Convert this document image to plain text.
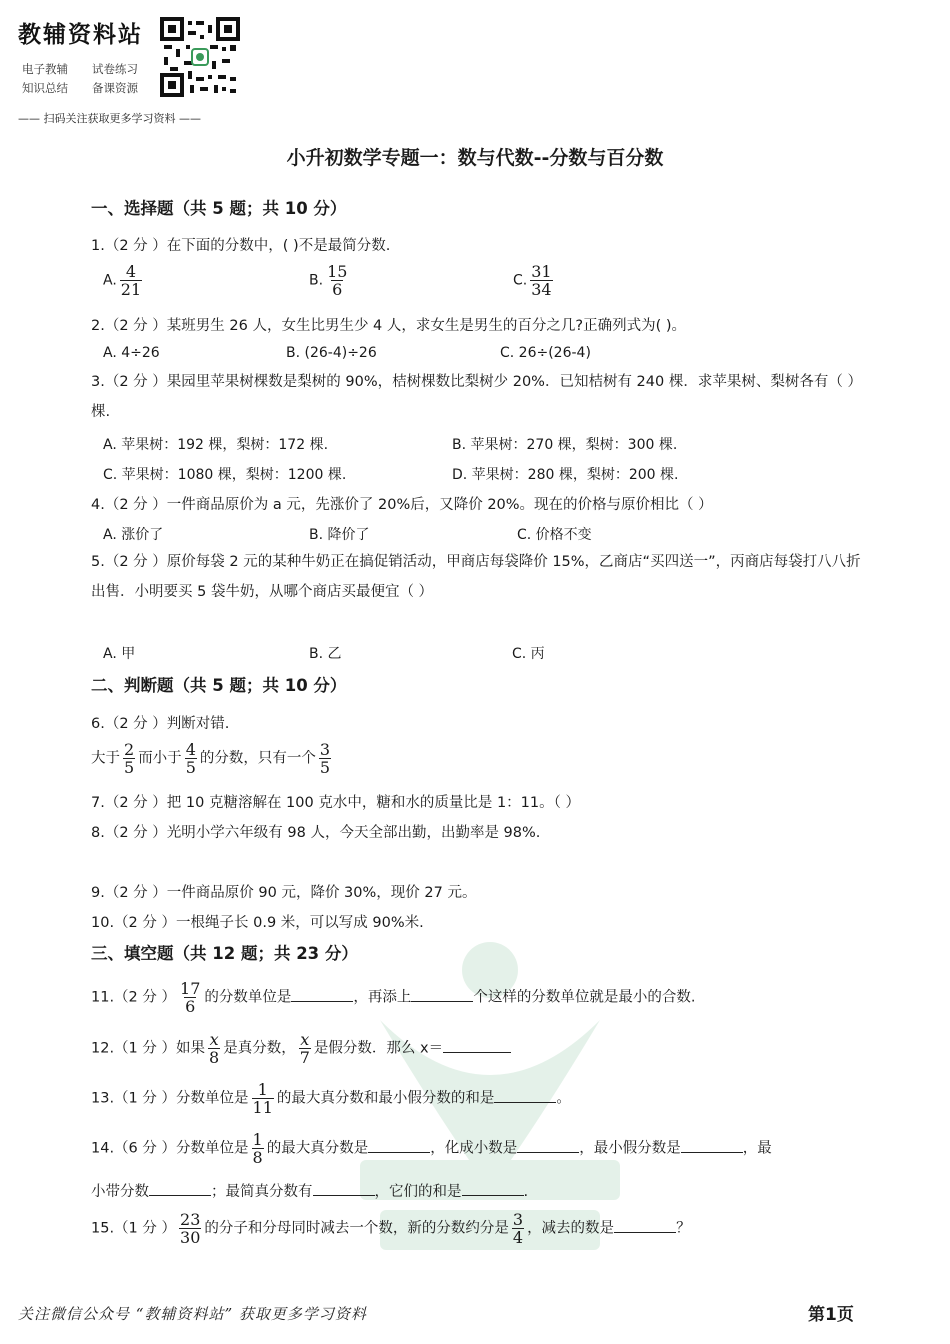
教辅资料站
电子教辅 试卷练习
知识总结 备课资源
—— 扫码关注获取更多学习资料 ——
小升初数学专题一：数与代数--分数与百分数
一、选择题（共 5 题；共 10 分）
1.（2 分 ）在下面的分数中，( )不是最简分数.
A. $\frac{4}{21}$	B. $\frac{15}{6}$	C. $\frac{31}{34}$
2.（2 分 ）某班男生 26 人，女生比男生少 4 人，求女生是男生的百分之几?正确列式为( )。
A. 4÷26	B. (26-4)÷26	C. 26÷(26-4)
3.（2 分 ）果园里苹果树棵数是梨树的 90%，桔树棵数比梨树少 20%．已知桔树有 240 棵．求苹果树、梨树各有（ ）棵.
A. 苹果树：192 棵，梨树：172 棵.	B. 苹果树：270 棵，梨树：300 棵.
C. 苹果树：1080 棵，梨树：1200 棵.	D. 苹果树：280 棵，梨树：200 棵.
4.（2 分 ）一件商品原价为 a 元，先涨价了 20%后，又降价 20%。现在的价格与原价相比（ ）
A. 涨价了	B. 降价了	C. 价格不变
5.（2 分 ）原价每袋 2 元的某种牛奶正在搞促销活动，甲商店每袋降价 15%，乙商店“买四送一”，丙商店每袋打八八折出售．小明要买 5 袋牛奶，从哪个商店买最便宜（ ）
A. 甲	B. 乙	C. 丙
二、判断题（共 5 题；共 10 分）
6.（2 分 ）判断对错.
大于 $\frac{2}{5}$ 而小于 $\frac{4}{5}$ 的分数，只有一个 $\frac{3}{5}$
7.（2 分 ）把 10 克糖溶解在 100 克水中，糖和水的质量比是 1：11。（ ）
8.（2 分 ）光明小学六年级有 98 人，今天全部出勤，出勤率是 98%.
9.（2 分 ）一件商品原价 90 元，降价 30%，现价 27 元。
10.（2 分 ）一根绳子长 0.9 米，可以写成 90%米.
三、填空题（共 12 题；共 23 分）
11.（2 分 ） $\frac{17}{6}$ 的分数单位是	，再添上	个这样的分数单位就是最小的合数.
12.（1 分 ）如果 $\frac{x}{8}$ 是真分数， $\frac{x}{7}$ 是假分数．那么 x＝
13.（1 分 ）分数单位是 $\frac{1}{11}$ 的最大真分数和最小假分数的和是	。
14.（6 分 ）分数单位是 $\frac{1}{8}$ 的最大真分数是	，化成小数是	，最小假分数是	，最
小带分数	；最简真分数有	，它们的和是	.
15.（1 分 ） $\frac{23}{30}$ 的分子和分母同时减去一个数，新的分数约分是 $\frac{3}{4}$ ，减去的数是	？
关注微信公众号 “教辅资料站” 获取更多学习资料	第1页
